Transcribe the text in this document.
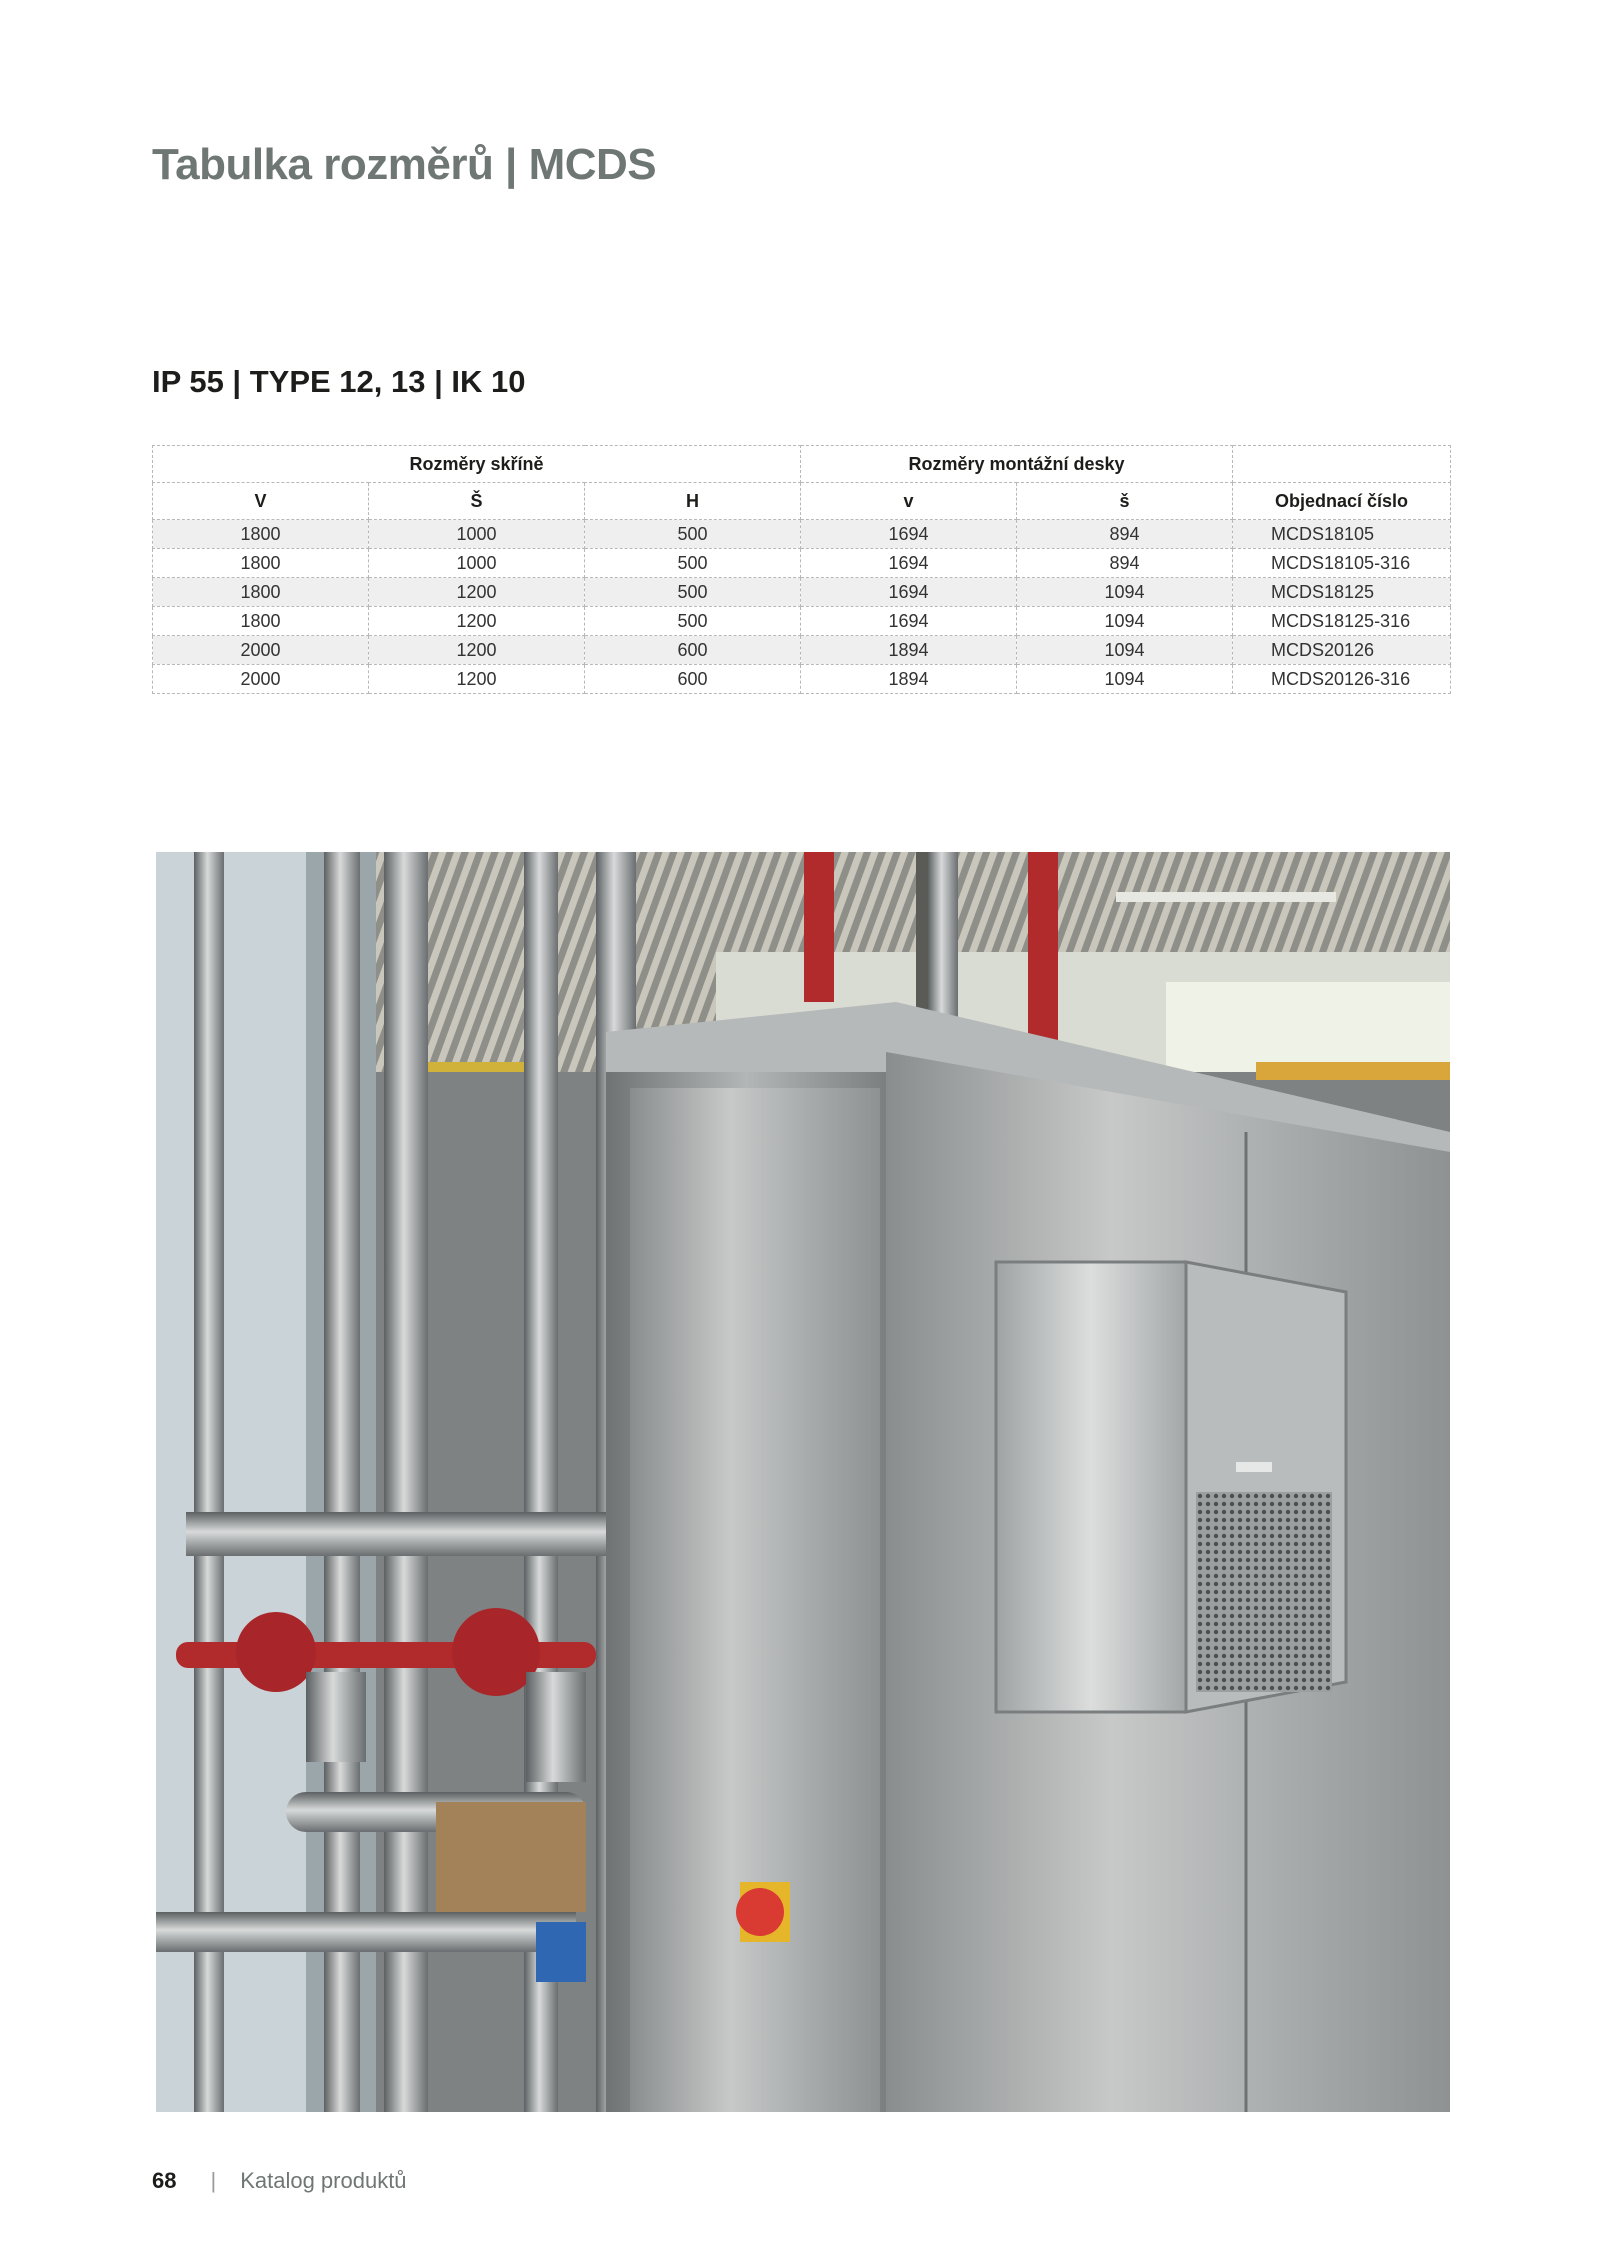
Tabulka rozměrů | MCDS
IP 55 | TYPE 12, 13 | IK 10
Rozměry skříně			Rozměry montážní desky		
V	Š	H	v	š	Objednací číslo
1800	1000	500	1694	894	MCDS18105
1800	1000	500	1694	894	MCDS18105-316
1800	1200	500	1694	1094	MCDS18125
1800	1200	500	1694	1094	MCDS18125-316
2000	1200	600	1894	1094	MCDS20126
2000	1200	600	1894	1094	MCDS20126-316
68 | Katalog produktů
